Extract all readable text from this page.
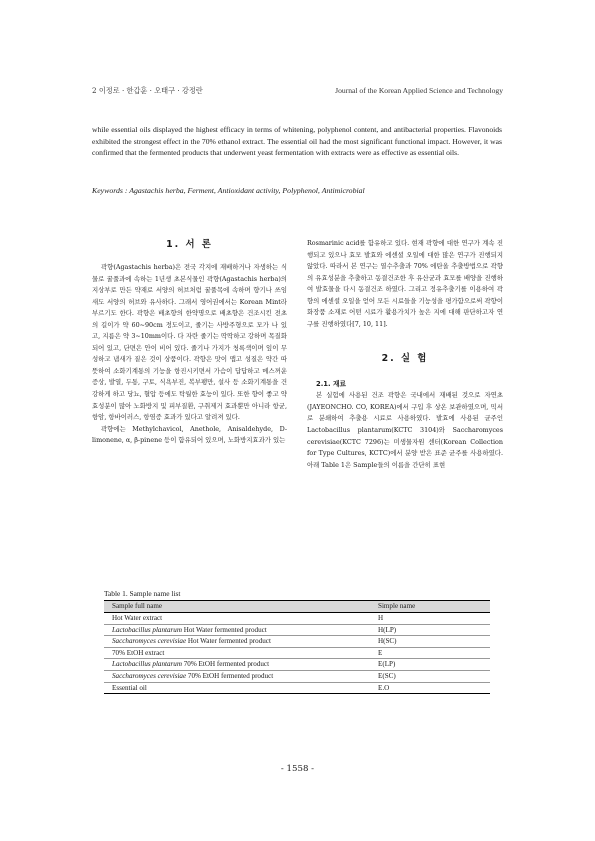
2 이정로 · 한갑훈 · 오태구 · 강정란	Journal of the Korean Applied Science and Technology

while essential oils displayed the highest efficacy in terms of whitening, polyphenol content, and antibacterial properties. Flavonoids exhibited the strongest effect in the 70% ethanol extract. The essential oil had the most significant functional impact. However, it was confirmed that the fermented products that underwent yeast fermentation with extracts were as effective as essential oils.

Keywords : Agastachis herba, Ferment, Antioxidant activity, Polyphenol, Antimicrobial

1. 서 론

곽향(Agastachis herba)은 전국 각지에 재배하거나 자생하는 식물로 꿀풀과에 속하는 1년생 초본식물인 곽향(Agastachis herba)의 지상부로 만든 약재로 서양의 허브처럼 꿀풀목에 속하며 향기나 쓰임새도 서양의 허브와 유사하다. 그래서 영어권에서는 Korean Mint라 부르기도 한다. 곽향은 배초향의 한약명으로 배초향은 건조시킨 전초의 길이가 약 60~90cm 정도이고, 줄기는 사방주형으로 모가 나 있고, 지름은 약 3~10mm이다. 다 자란 줄기는 딱딱하고 강하며 목질화되어 있고, 단면은 안이 비어 있다. 줄기나 가지가 청록색이며 잎이 무성하고 냄새가 짙은 것이 상품이다. 곽향은 맛이 맵고 성질은 약간 따뜻하여 소화기계통의 기능을 항진시키면서 가슴이 답답하고 메스꺼운 증상, 발열, 두통, 구토, 식욕부진, 복부팽만, 설사 등 소화기계통을 건강하게 하고 당뇨, 혈압 등에도 탁월한 효능이 있다. 또한 향이 좋고 약효성분이 많아 노화방지 및 피부질환, 구취제거 효과뿐만 아니라 항균, 항암, 항바이러스, 항염증 효과가 있다고 알려져 있다.

곽향에는 Methylchavicol, Anethole, Anisaldehyde, D-limonene, α, β-pinene 등이 함유되어 있으며, 노화방지효과가 있는

Rosmarinic acid를 함유하고 있다. 현재 곽향에 대한 연구가 계속 진행되고 있으나 효모 발효와 에센셜 오일에 대한 많은 연구가 진행되지 않았다. 따라서 본 연구는 열수추출과 70% 에탄올 추출방법으로 곽향의 유효성분을 추출하고 동결건조한 후 유산균과 효모를 배양을 진행하여 발효물을 다시 동결건조 하였다. 그리고 정유추출기를 이용하여 곽향의 에센셜 오일을 얻어 모든 시료들을 기능성을 평가함으로써 곽향이 화장품 소재로 어떤 시료가 활용가치가 높은 지에 대해 판단하고자 연구를 진행하였다[7, 10, 11].

2. 실 험

2.1. 재료

본 실험에 사용된 건조 곽향은 국내에서 재배된 것으로 자연초(JAYEONCHO. CO, KOREA)에서 구입 후 상온 보관하였으며, 믹서로 분쇄하여 추출용 시료로 사용하였다. 발효에 사용된 균주인 Lactobacillus plantarum(KCTC 3104)와 Saccharomyces cerevisiae(KCTC 7296)는 미생물자원 센터(Korean Collection for Type Cultures, KCTC)에서 분양 받은 표준 균주를 사용하였다. 아래 Table 1은 Sample들의 이름을 간단히 표현

Table 1. Sample name list

Sample full name	Simple name
Hot Water extract	H
Lactobacillus plantarum Hot Water fermented product	H(LP)
Saccharomyces cerevisiae Hot Water fermented product	H(SC)
70% EtOH extract	E
Lactobacillus plantarum 70% EtOH fermented product	E(LP)
Saccharomyces cerevisiae 70% EtOH fermented product	E(SC)
Essential oil	E.O

- 1558 -
